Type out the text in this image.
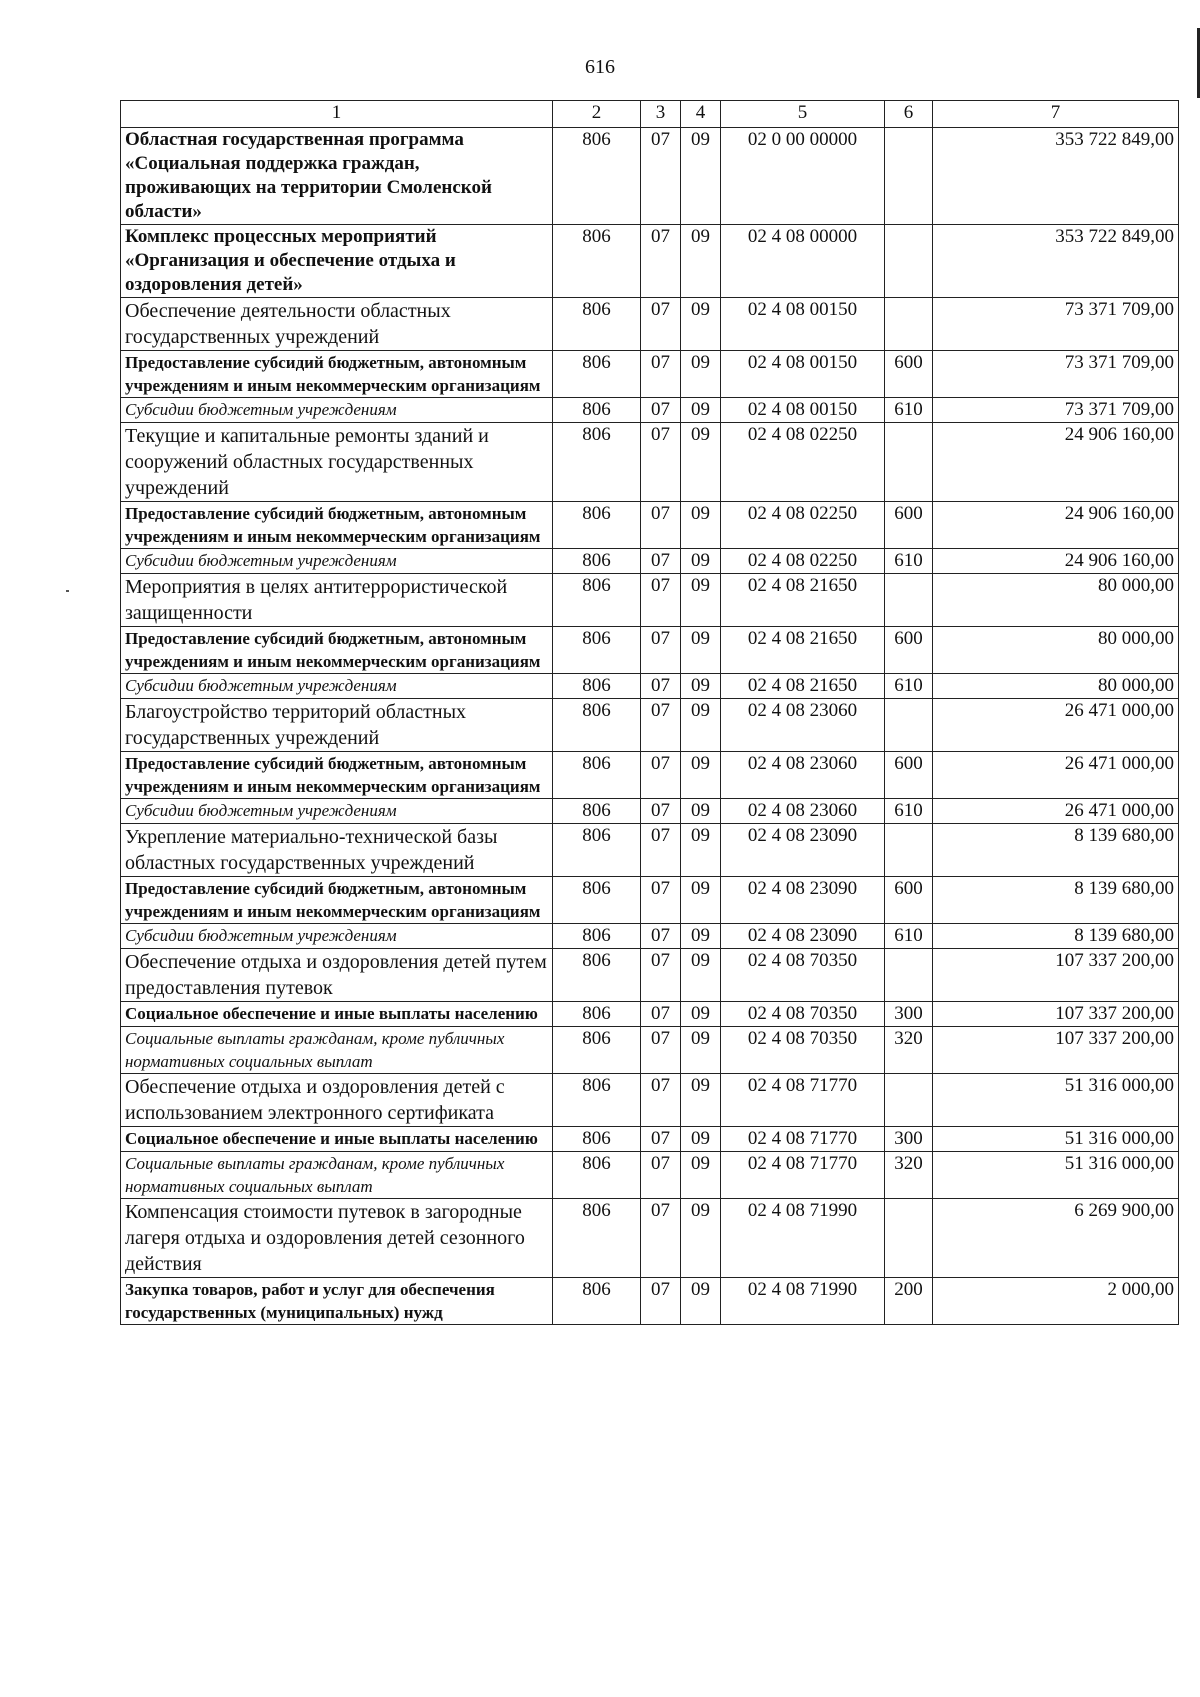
616
1	2	3	4	5	6	7
Областная государственная программа «Социальная поддержка граждан, проживающих на территории Смоленской области»	806	07	09	02 0 00 00000		353 722 849,00
Комплекс процессных мероприятий «Организация и обеспечение отдыха и оздоровления детей»	806	07	09	02 4 08 00000		353 722 849,00
Обеспечение деятельности областных государственных учреждений	806	07	09	02 4 08 00150		73 371 709,00
Предоставление субсидий бюджетным, автономным учреждениям и иным некоммерческим организациям	806	07	09	02 4 08 00150	600	73 371 709,00
Субсидии бюджетным учреждениям	806	07	09	02 4 08 00150	610	73 371 709,00
Текущие и капитальные ремонты зданий и сооружений областных государственных учреждений	806	07	09	02 4 08 02250		24 906 160,00
Предоставление субсидий бюджетным, автономным учреждениям и иным некоммерческим организациям	806	07	09	02 4 08 02250	600	24 906 160,00
Субсидии бюджетным учреждениям	806	07	09	02 4 08 02250	610	24 906 160,00
Мероприятия в целях антитеррористической защищенности	806	07	09	02 4 08 21650		80 000,00
Предоставление субсидий бюджетным, автономным учреждениям и иным некоммерческим организациям	806	07	09	02 4 08 21650	600	80 000,00
Субсидии бюджетным учреждениям	806	07	09	02 4 08 21650	610	80 000,00
Благоустройство территорий областных государственных учреждений	806	07	09	02 4 08 23060		26 471 000,00
Предоставление субсидий бюджетным, автономным учреждениям и иным некоммерческим организациям	806	07	09	02 4 08 23060	600	26 471 000,00
Субсидии бюджетным учреждениям	806	07	09	02 4 08 23060	610	26 471 000,00
Укрепление материально-технической базы областных государственных учреждений	806	07	09	02 4 08 23090		8 139 680,00
Предоставление субсидий бюджетным, автономным учреждениям и иным некоммерческим организациям	806	07	09	02 4 08 23090	600	8 139 680,00
Субсидии бюджетным учреждениям	806	07	09	02 4 08 23090	610	8 139 680,00
Обеспечение отдыха и оздоровления детей путем предоставления путевок	806	07	09	02 4 08 70350		107 337 200,00
Социальное обеспечение и иные выплаты населению	806	07	09	02 4 08 70350	300	107 337 200,00
Социальные выплаты гражданам, кроме публичных нормативных социальных выплат	806	07	09	02 4 08 70350	320	107 337 200,00
Обеспечение отдыха и оздоровления детей с использованием электронного сертификата	806	07	09	02 4 08 71770		51 316 000,00
Социальное обеспечение и иные выплаты населению	806	07	09	02 4 08 71770	300	51 316 000,00
Социальные выплаты гражданам, кроме публичных нормативных социальных выплат	806	07	09	02 4 08 71770	320	51 316 000,00
Компенсация стоимости путевок в загородные лагеря отдыха и оздоровления детей сезонного действия	806	07	09	02 4 08 71990		6 269 900,00
Закупка товаров, работ и услуг для обеспечения государственных (муниципальных) нужд	806	07	09	02 4 08 71990	200	2 000,00
